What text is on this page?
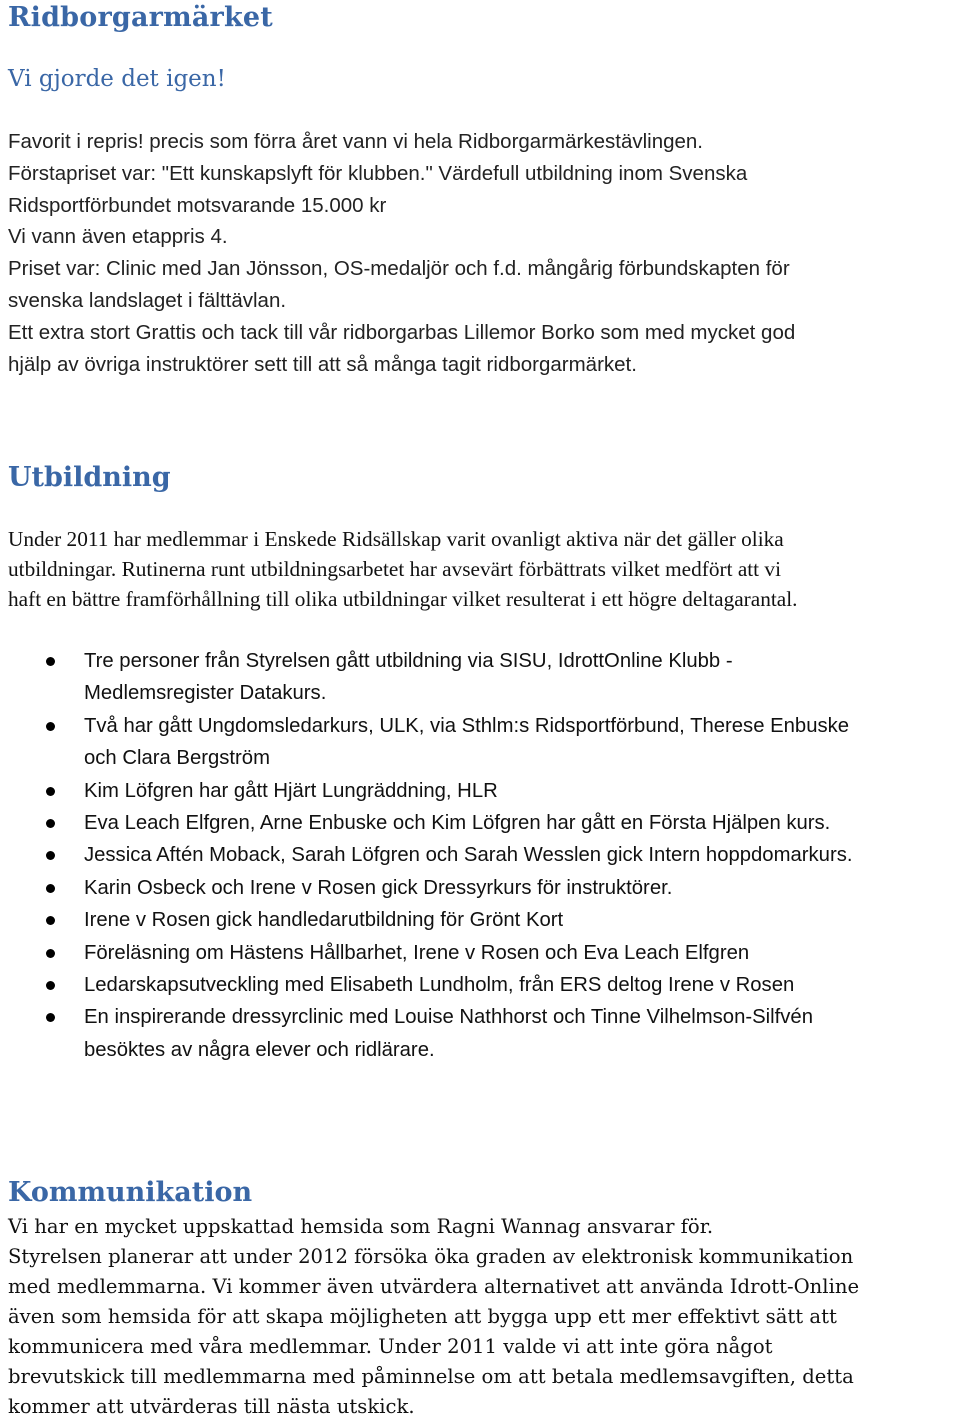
Ridborgarmärket
Vi gjorde det igen!
Favorit i repris! precis som förra året vann vi hela Ridborgarmärkestävlingen.
Förstapriset var: "Ett kunskapslyft för klubben." Värdefull utbildning inom Svenska
Ridsportförbundet motsvarande 15.000 kr
Vi vann även etappris 4.
Priset var: Clinic med Jan Jönsson, OS-medaljör och f.d. mångårig förbundskapten för
svenska landslaget i fälttävlan.
Ett extra stort Grattis och tack till vår ridborgarbas Lillemor Borko som med mycket god
hjälp av övriga instruktörer sett till att så många tagit ridborgarmärket.
Utbildning
Under 2011 har medlemmar i Enskede Ridsällskap varit ovanligt aktiva när det gäller olika
utbildningar. Rutinerna runt utbildningsarbetet har avsevärt förbättrats vilket medfört att vi
haft en bättre framförhållning till olika utbildningar vilket resulterat i ett högre deltagarantal.
Tre personer från Styrelsen gått utbildning via SISU, IdrottOnline Klubb -
Medlemsregister Datakurs.
Två har gått Ungdomsledarkurs, ULK, via Sthlm:s Ridsportförbund, Therese Enbuske
och Clara Bergström
Kim Löfgren har gått Hjärt Lungräddning, HLR
Eva Leach Elfgren, Arne Enbuske och Kim Löfgren har gått en Första Hjälpen kurs.
Jessica Aftén Moback, Sarah Löfgren och Sarah Wesslen gick Intern hoppdomarkurs.
Karin Osbeck och Irene v Rosen gick Dressyrkurs för instruktörer.
Irene v Rosen gick handledarutbildning för Grönt Kort
Föreläsning om Hästens Hållbarhet, Irene v Rosen och Eva Leach Elfgren
Ledarskapsutveckling med Elisabeth Lundholm, från ERS deltog Irene v Rosen
En inspirerande dressyrclinic med Louise Nathhorst och Tinne Vilhelmson-Silfvén
besöktes av några elever och ridlärare.
Kommunikation
Vi har en mycket uppskattad hemsida som Ragni Wannag ansvarar för.
Styrelsen planerar att under 2012 försöka öka graden av elektronisk kommunikation
med medlemmarna. Vi kommer även utvärdera alternativet att använda Idrott-Online
även som hemsida för att skapa möjligheten att bygga upp ett mer effektivt sätt att
kommunicera med våra medlemmar. Under 2011 valde vi att inte göra något
brevutskick till medlemmarna med påminnelse om att betala medlemsavgiften, detta
kommer att utvärderas till nästa utskick.
